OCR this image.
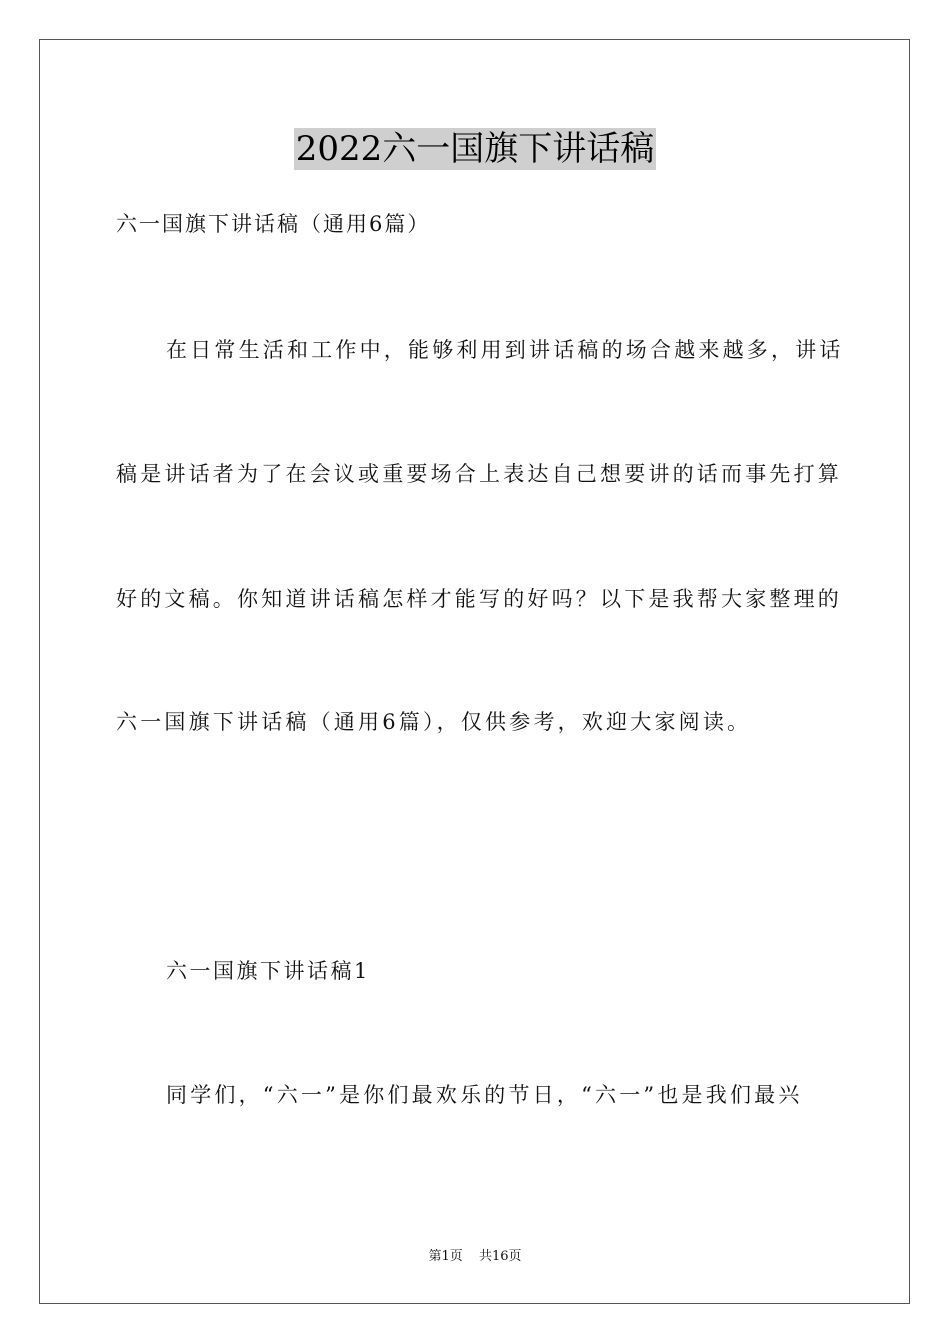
2022六一国旗下讲话稿
六一国旗下讲话稿（通用6篇）
在日常生活和工作中，能够利用到讲话稿的场合越来越多，讲话
稿是讲话者为了在会议或重要场合上表达自己想要讲的话而事先打算
好的文稿。你知道讲话稿怎样才能写的好吗？以下是我帮大家整理的
六一国旗下讲话稿（通用6篇），仅供参考，欢迎大家阅读。
六一国旗下讲话稿1
同学们，“六一”是你们最欢乐的节日，“六一”也是我们最兴
第1页 共16页
